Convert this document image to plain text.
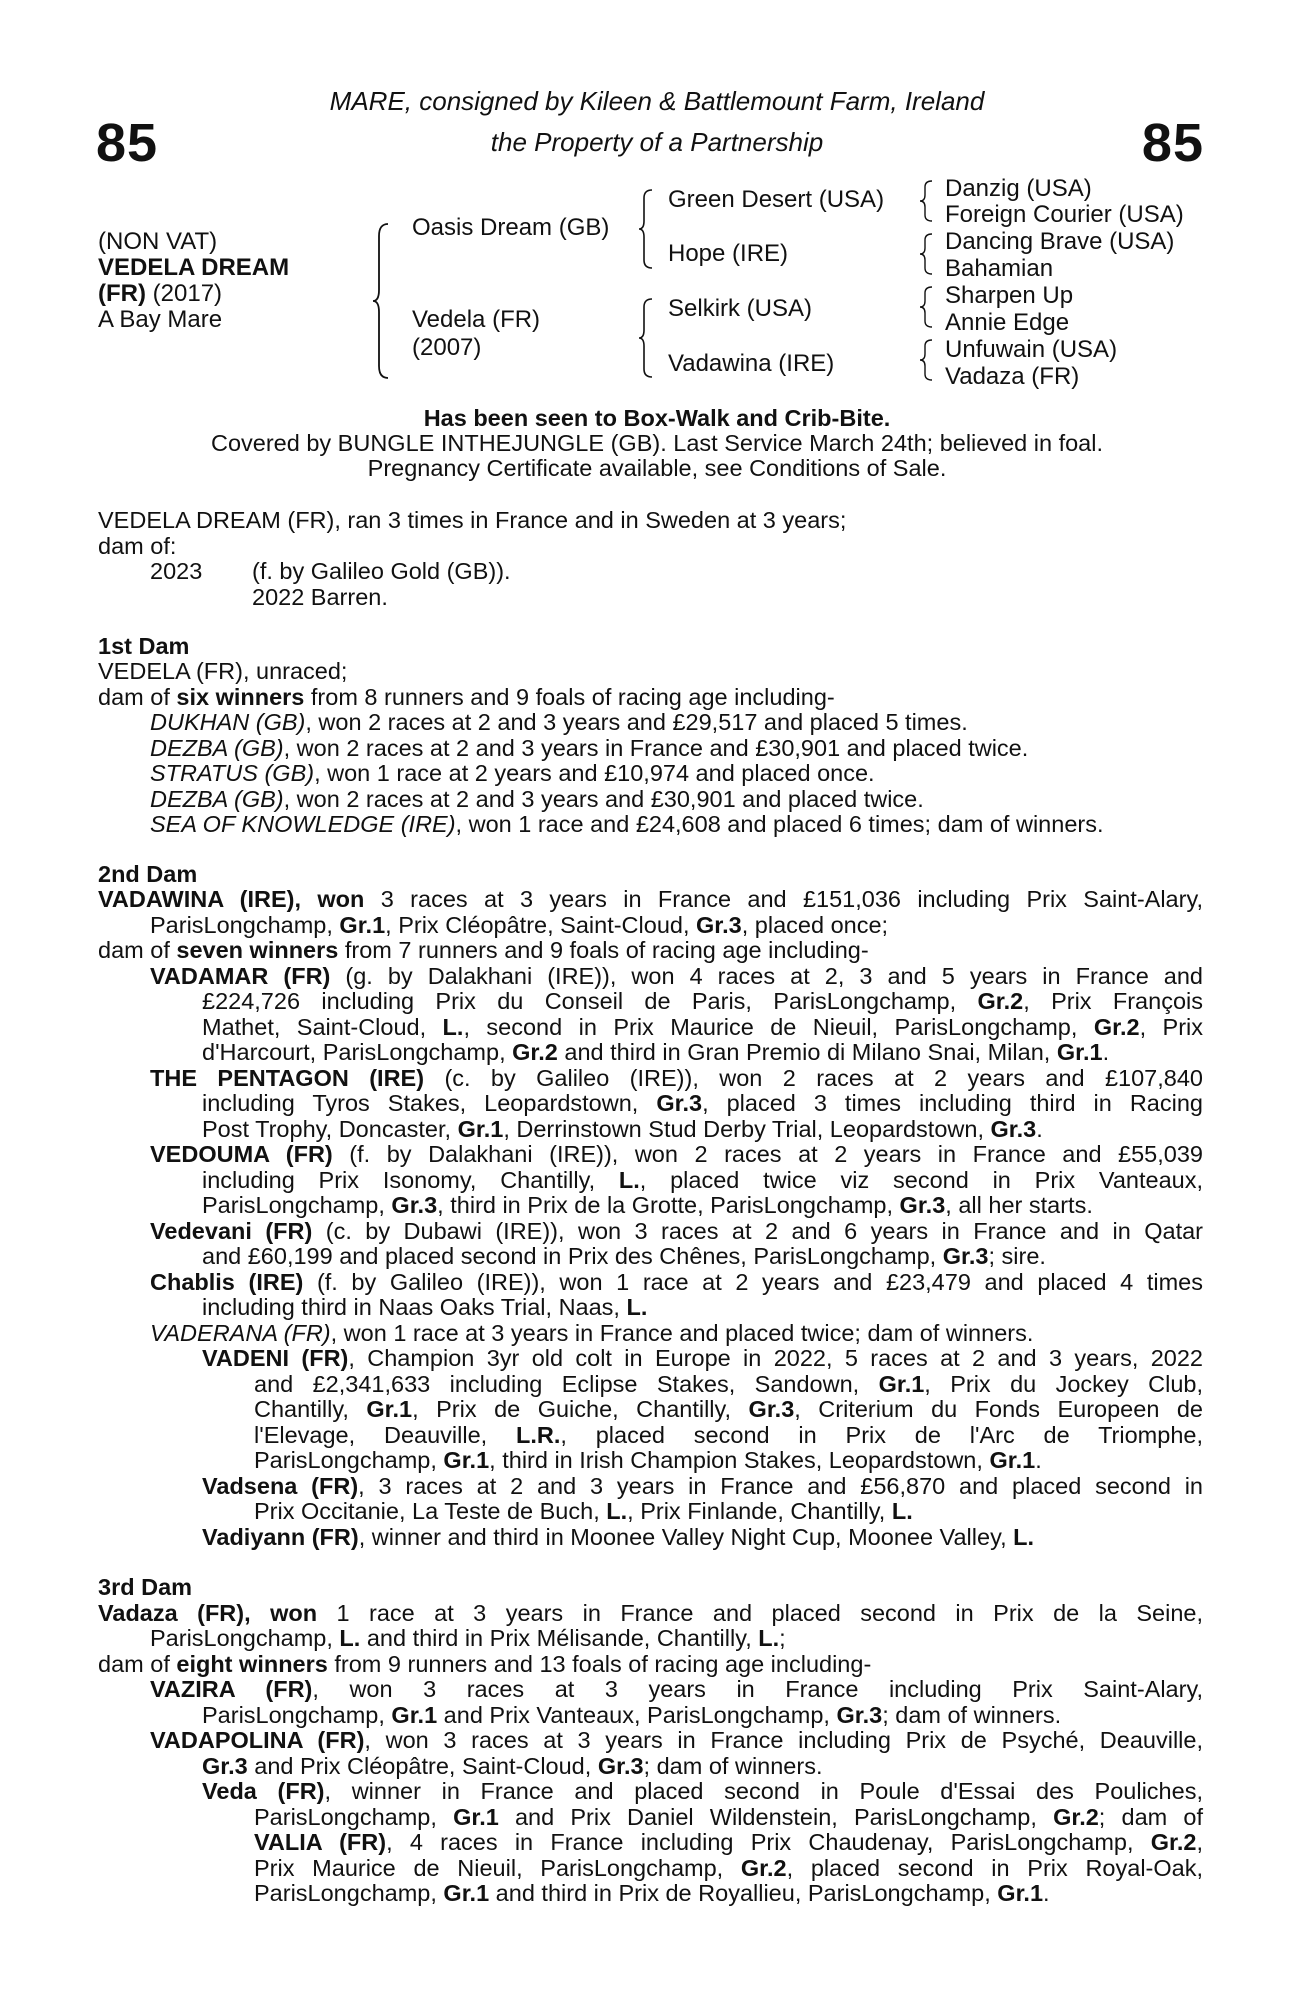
85	85
MARE, consigned by Kileen & Battlemount Farm, Ireland
the Property of a Partnership
(NON VAT)
VEDELA DREAM
(FR) (2017)
A Bay Mare
Oasis Dream (GB)
Vedela (FR)
(2007)
Green Desert (USA)
Hope (IRE)
Selkirk (USA)
Vadawina (IRE)
Danzig (USA)
Foreign Courier (USA)
Dancing Brave (USA)
Bahamian
Sharpen Up
Annie Edge
Unfuwain (USA)
Vadaza (FR)
Has been seen to Box-Walk and Crib-Bite.
Covered by BUNGLE INTHEJUNGLE (GB). Last Service March 24th; believed in foal.
Pregnancy Certificate available, see Conditions of Sale.
VEDELA DREAM (FR), ran 3 times in France and in Sweden at 3 years;
dam of:
2023 (f. by Galileo Gold (GB)).
2022 Barren.
1st Dam
VEDELA (FR), unraced;
dam of six winners from 8 runners and 9 foals of racing age including-
DUKHAN (GB), won 2 races at 2 and 3 years and £29,517 and placed 5 times.
DEZBA (GB), won 2 races at 2 and 3 years in France and £30,901 and placed twice.
STRATUS (GB), won 1 race at 2 years and £10,974 and placed once.
DEZBA (GB), won 2 races at 2 and 3 years and £30,901 and placed twice.
SEA OF KNOWLEDGE (IRE), won 1 race and £24,608 and placed 6 times; dam of winners.
2nd Dam
VADAWINA (IRE), won 3 races at 3 years in France and £151,036 including Prix Saint-Alary,
ParisLongchamp, Gr.1, Prix Cléopâtre, Saint-Cloud, Gr.3, placed once;
dam of seven winners from 7 runners and 9 foals of racing age including-
VADAMAR (FR) (g. by Dalakhani (IRE)), won 4 races at 2, 3 and 5 years in France and
£224,726 including Prix du Conseil de Paris, ParisLongchamp, Gr.2, Prix François
Mathet, Saint-Cloud, L., second in Prix Maurice de Nieuil, ParisLongchamp, Gr.2, Prix
d'Harcourt, ParisLongchamp, Gr.2 and third in Gran Premio di Milano Snai, Milan, Gr.1.
THE PENTAGON (IRE) (c. by Galileo (IRE)), won 2 races at 2 years and £107,840
including Tyros Stakes, Leopardstown, Gr.3, placed 3 times including third in Racing
Post Trophy, Doncaster, Gr.1, Derrinstown Stud Derby Trial, Leopardstown, Gr.3.
VEDOUMA (FR) (f. by Dalakhani (IRE)), won 2 races at 2 years in France and £55,039
including Prix Isonomy, Chantilly, L., placed twice viz second in Prix Vanteaux,
ParisLongchamp, Gr.3, third in Prix de la Grotte, ParisLongchamp, Gr.3, all her starts.
Vedevani (FR) (c. by Dubawi (IRE)), won 3 races at 2 and 6 years in France and in Qatar
and £60,199 and placed second in Prix des Chênes, ParisLongchamp, Gr.3; sire.
Chablis (IRE) (f. by Galileo (IRE)), won 1 race at 2 years and £23,479 and placed 4 times
including third in Naas Oaks Trial, Naas, L.
VADERANA (FR), won 1 race at 3 years in France and placed twice; dam of winners.
VADENI (FR), Champion 3yr old colt in Europe in 2022, 5 races at 2 and 3 years, 2022
and £2,341,633 including Eclipse Stakes, Sandown, Gr.1, Prix du Jockey Club,
Chantilly, Gr.1, Prix de Guiche, Chantilly, Gr.3, Criterium du Fonds Europeen de
l'Elevage, Deauville, L.R., placed second in Prix de l'Arc de Triomphe,
ParisLongchamp, Gr.1, third in Irish Champion Stakes, Leopardstown, Gr.1.
Vadsena (FR), 3 races at 2 and 3 years in France and £56,870 and placed second in
Prix Occitanie, La Teste de Buch, L., Prix Finlande, Chantilly, L.
Vadiyann (FR), winner and third in Moonee Valley Night Cup, Moonee Valley, L.
3rd Dam
Vadaza (FR), won 1 race at 3 years in France and placed second in Prix de la Seine,
ParisLongchamp, L. and third in Prix Mélisande, Chantilly, L.;
dam of eight winners from 9 runners and 13 foals of racing age including-
VAZIRA (FR), won 3 races at 3 years in France including Prix Saint-Alary,
ParisLongchamp, Gr.1 and Prix Vanteaux, ParisLongchamp, Gr.3; dam of winners.
VADAPOLINA (FR), won 3 races at 3 years in France including Prix de Psyché, Deauville,
Gr.3 and Prix Cléopâtre, Saint-Cloud, Gr.3; dam of winners.
Veda (FR), winner in France and placed second in Poule d'Essai des Pouliches,
ParisLongchamp, Gr.1 and Prix Daniel Wildenstein, ParisLongchamp, Gr.2; dam of
VALIA (FR), 4 races in France including Prix Chaudenay, ParisLongchamp, Gr.2,
Prix Maurice de Nieuil, ParisLongchamp, Gr.2, placed second in Prix Royal-Oak,
ParisLongchamp, Gr.1 and third in Prix de Royallieu, ParisLongchamp, Gr.1.
